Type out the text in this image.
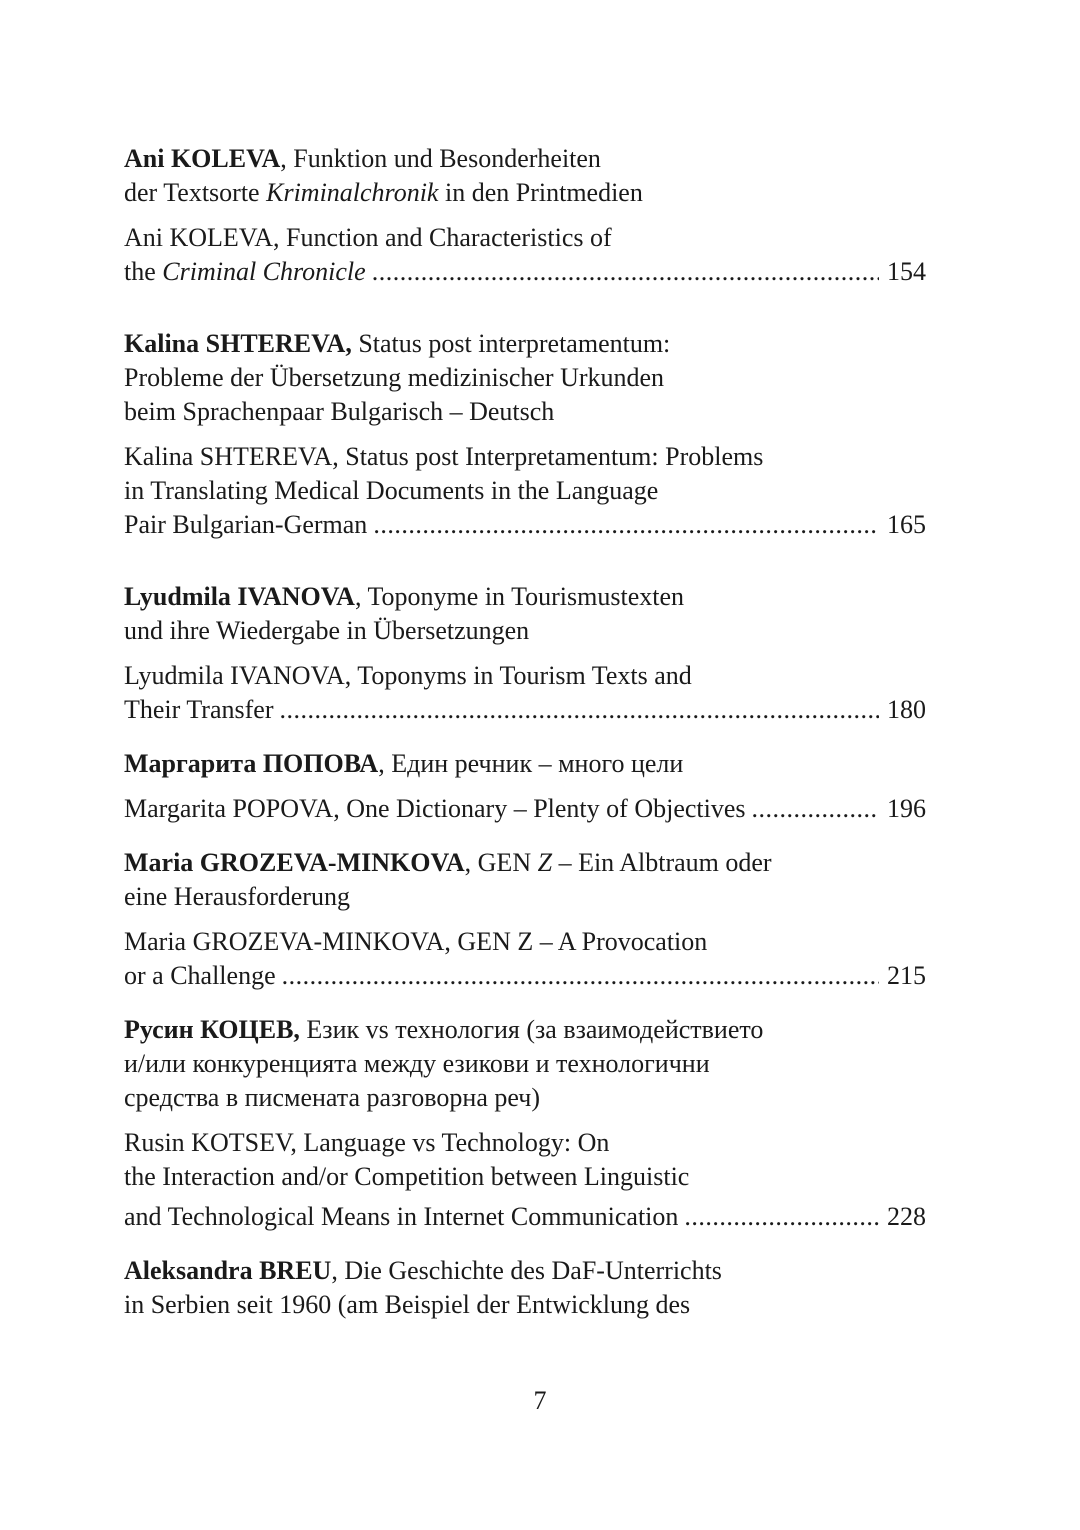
Ani KOLEVA, Funktion und Besonderheiten
der Textsorte Kriminalchronik in den Printmedien
Ani KOLEVA, Function and Characteristics of
the Criminal Chronicle . . .	154
Kalina SHTEREVA, Status post interpretamentum:
Probleme der Übersetzung medizinischer Urkunden
beim Sprachenpaar Bulgarisch – Deutsch
Kalina SHTEREVA, Status post Interpretamentum: Problems
in Translating Medical Documents in the Language
Pair Bulgarian-German . . .	165
Lyudmila IVANOVA, Toponyme in Tourismustexten
und ihre Wiedergabe in Übersetzungen
Lyudmila IVANOVA, Toponyms in Tourism Texts and
Their Transfer . . .	180
Маргарита ПОПОВА, Един речник – много цели
Margarita POPOVA, One Dictionary – Plenty of Objectives . . .	196
Maria GROZEVA-MINKOVA, GEN Z – Ein Albtraum oder
eine Herausforderung
Maria GROZEVA-MINKOVA, GEN Z – A Provocation
or a Challenge . . .	215
Русин КОЦЕВ, Език vs технология (за взаимодействието
и/или конкуренцията между езикови и технологични
средства в писмената разговорна реч)
Rusin KOTSEV, Language vs Technology: On
the Interaction and/or Competition between Linguistic
and Technological Means in Internet Communication . . .	228
Aleksandra BREU, Die Geschichte des DaF-Unterrichts
in Serbien seit 1960 (am Beispiel der Entwicklung des
7
